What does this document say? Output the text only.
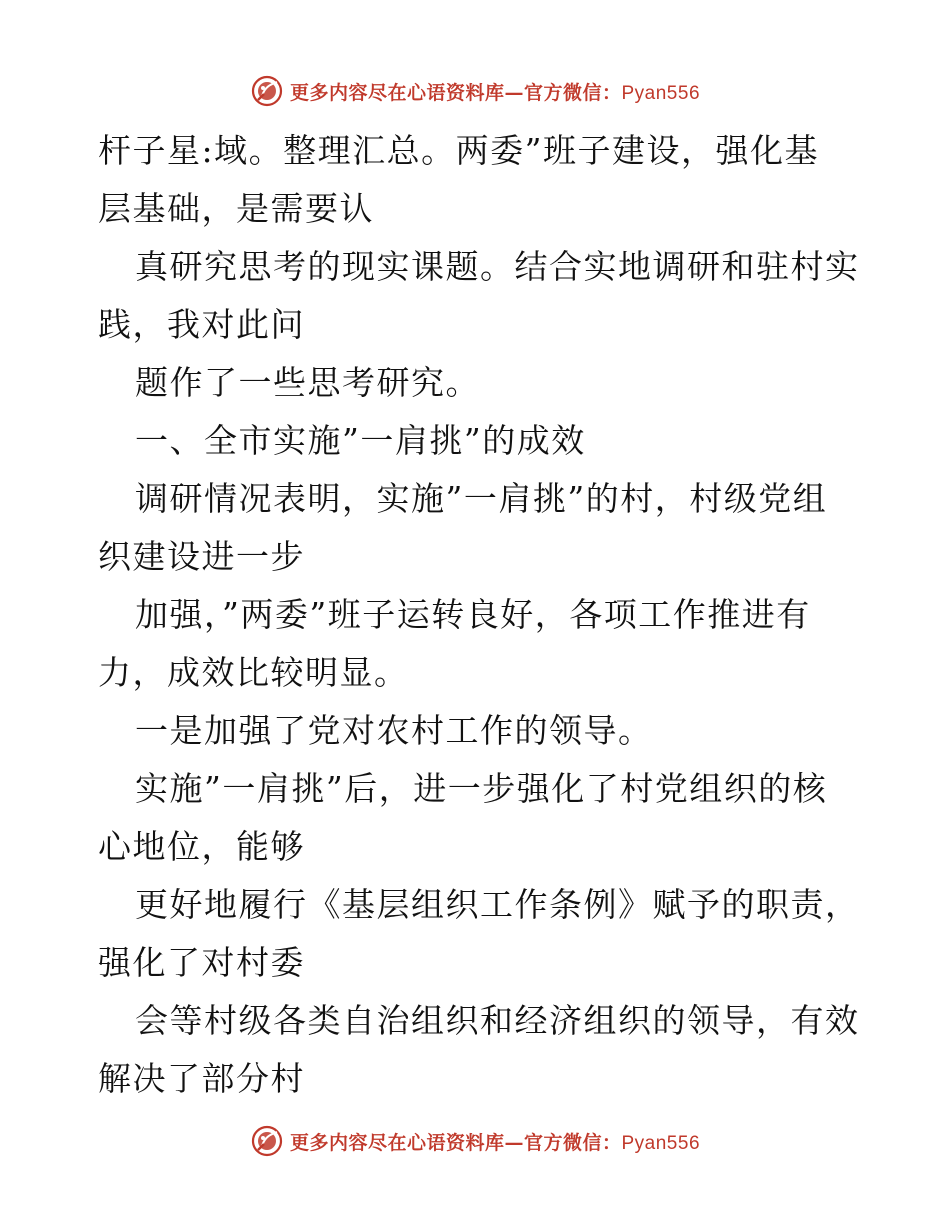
更多内容尽在心语资料库—官方微信：Pyan556
杆子星:域。整理汇总。两委”班子建设，强化基
层基础，是需要认
真研究思考的现实课题。结合实地调研和驻村实
践，我对此问
题作了一些思考研究。
一、全市实施”一肩挑”的成效
调研情况表明，实施”一肩挑”的村，村级党组
织建设进一步
加强，”两委”班子运转良好，各项工作推进有
力，成效比较明显。
一是加强了党对农村工作的领导。
实施”一肩挑”后，进一步强化了村党组织的核
心地位，能够
更好地履行《基层组织工作条例》赋予的职责，
强化了对村委
会等村级各类自治组织和经济组织的领导，有效
解决了部分村
更多内容尽在心语资料库—官方微信：Pyan556
